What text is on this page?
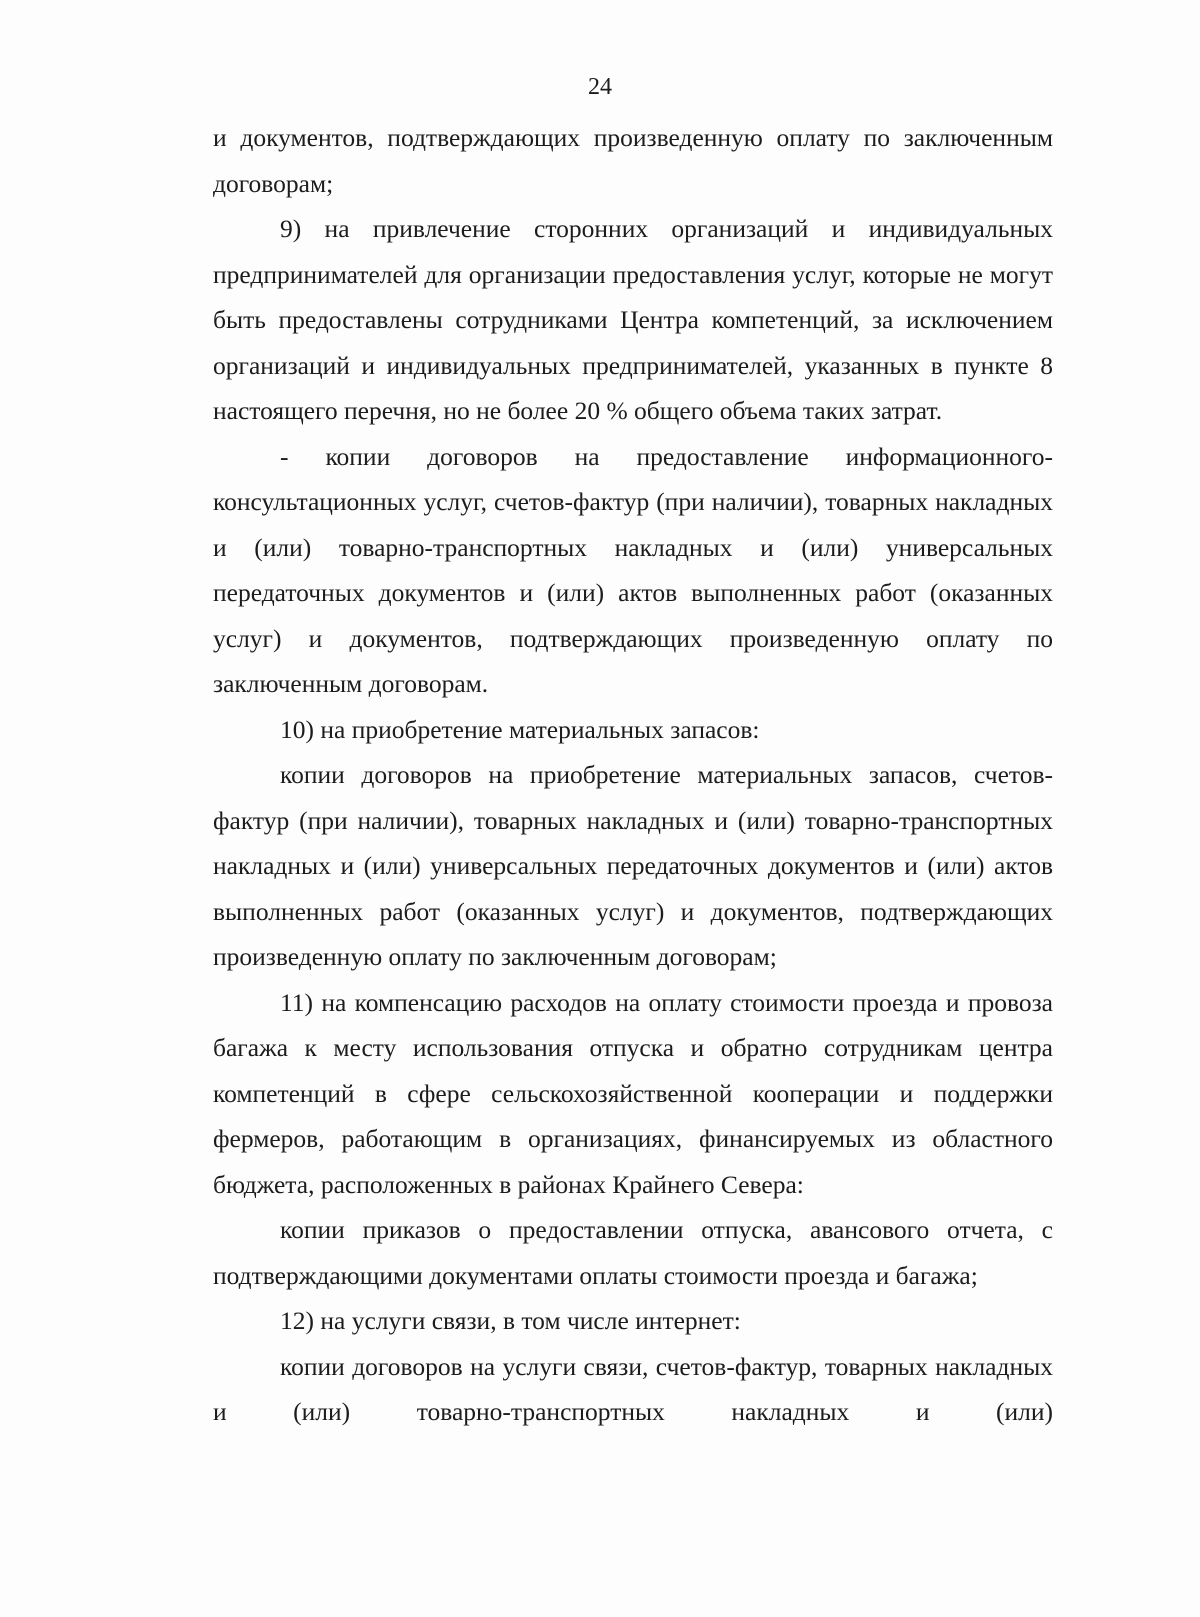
24

и документов, подтверждающих произведенную оплату по заключенным договорам;

9) на привлечение сторонних организаций и индивидуальных предпринимателей для организации предоставления услуг, которые не могут быть предоставлены сотрудниками Центра компетенций, за исключением организаций и индивидуальных предпринимателей, указанных в пункте 8 настоящего перечня, но не более 20 % общего объема таких затрат.

- копии договоров на предоставление информационного-консультационных услуг, счетов-фактур (при наличии), товарных накладных и (или) товарно-транспортных накладных и (или) универсальных передаточных документов и (или) актов выполненных работ (оказанных услуг) и документов, подтверждающих произведенную оплату по заключенным договорам.

10) на приобретение материальных запасов:

копии договоров на приобретение материальных запасов, счетов-фактур (при наличии), товарных накладных и (или) товарно-транспортных накладных и (или) универсальных передаточных документов и (или) актов выполненных работ (оказанных услуг) и документов, подтверждающих произведенную оплату по заключенным договорам;

11) на компенсацию расходов на оплату стоимости проезда и провоза багажа к месту использования отпуска и обратно сотрудникам центра компетенций в сфере сельскохозяйственной кооперации и поддержки фермеров, работающим в организациях, финансируемых из областного бюджета, расположенных в районах Крайнего Севера:

копии приказов о предоставлении отпуска, авансового отчета, с подтверждающими документами оплаты стоимости проезда и багажа;

12) на услуги связи, в том числе интернет:

копии договоров на услуги связи, счетов-фактур, товарных накладных и (или) товарно-транспортных накладных и (или)
